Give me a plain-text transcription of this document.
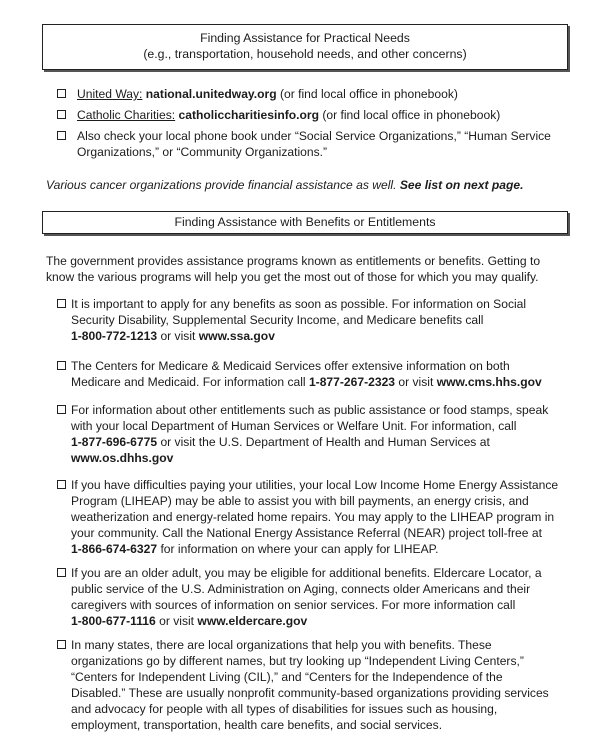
Finding Assistance for Practical Needs
(e.g., transportation, household needs, and other concerns)
United Way: national.unitedway.org (or find local office in phonebook)
Catholic Charities: catholiccharitiesinfo.org (or find local office in phonebook)
Also check your local phone book under “Social Service Organizations,” “Human Service
Organizations,” or “Community Organizations.”
Various cancer organizations provide financial assistance as well. See list on next page.
Finding Assistance with Benefits or Entitlements
The government provides assistance programs known as entitlements or benefits. Getting to
know the various programs will help you get the most out of those for which you may qualify.
It is important to apply for any benefits as soon as possible. For information on Social
Security Disability, Supplemental Security Income, and Medicare benefits call
1-800-772-1213 or visit www.ssa.gov
The Centers for Medicare & Medicaid Services offer extensive information on both
Medicare and Medicaid. For information call 1-877-267-2323 or visit www.cms.hhs.gov
For information about other entitlements such as public assistance or food stamps, speak
with your local Department of Human Services or Welfare Unit. For information, call
1-877-696-6775 or visit the U.S. Department of Health and Human Services at
www.os.dhhs.gov
If you have difficulties paying your utilities, your local Low Income Home Energy Assistance
Program (LIHEAP) may be able to assist you with bill payments, an energy crisis, and
weatherization and energy-related home repairs. You may apply to the LIHEAP program in
your community. Call the National Energy Assistance Referral (NEAR) project toll-free at
1-866-674-6327 for information on where your can apply for LIHEAP.
If you are an older adult, you may be eligible for additional benefits. Eldercare Locator, a
public service of the U.S. Administration on Aging, connects older Americans and their
caregivers with sources of information on senior services. For more information call
1-800-677-1116 or visit www.eldercare.gov
In many states, there are local organizations that help you with benefits. These
organizations go by different names, but try looking up “Independent Living Centers,”
“Centers for Independent Living (CIL),” and “Centers for the Independence of the
Disabled.” These are usually nonprofit community-based organizations providing services
and advocacy for people with all types of disabilities for issues such as housing,
employment, transportation, health care benefits, and social services.
